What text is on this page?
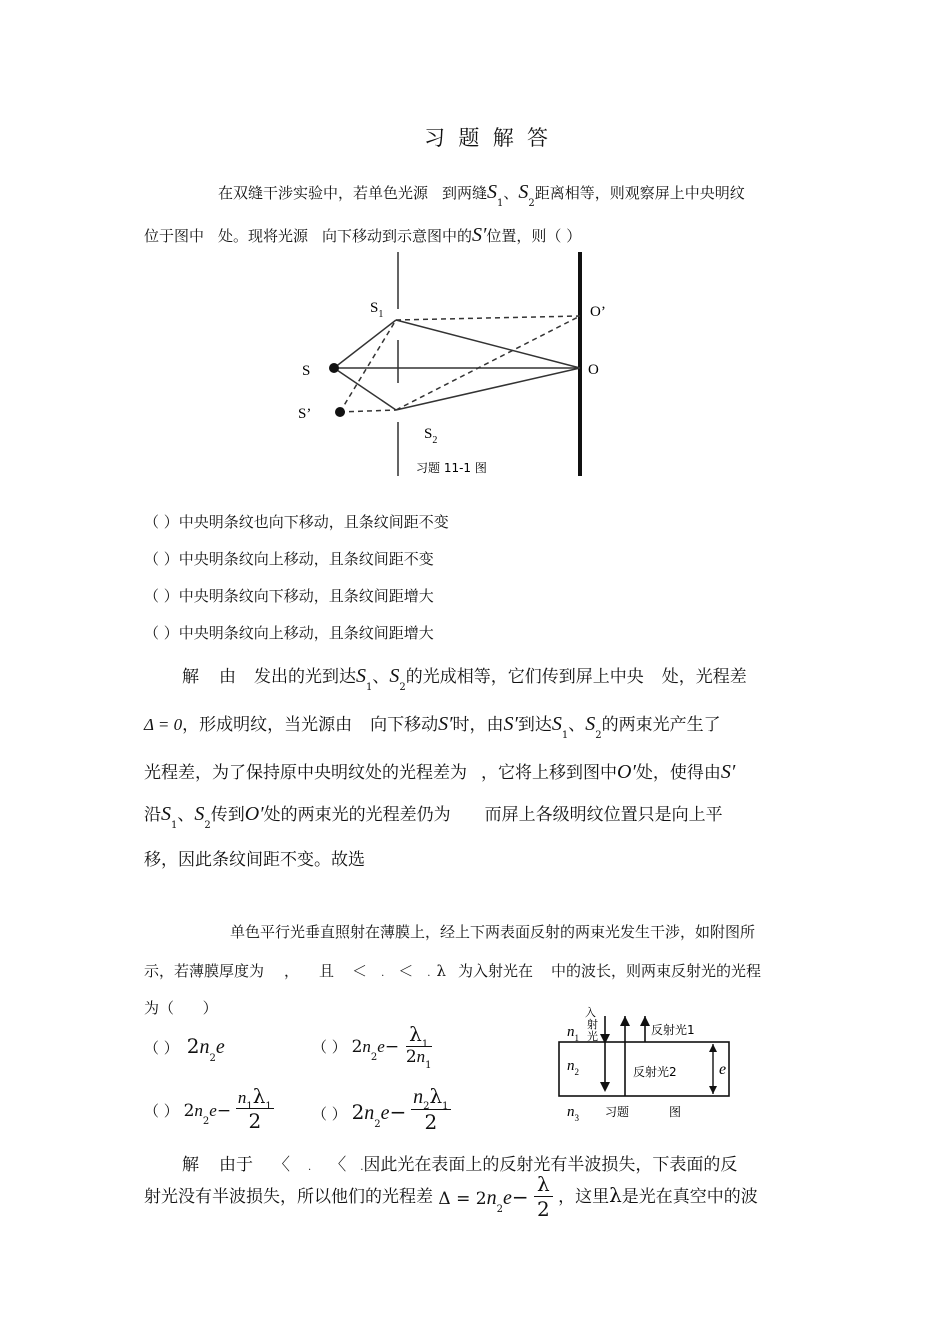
习  题  解  答
在双缝干涉实验中，若单色光源 到两缝$S_1$、$S_2$距离相等，则观察屏上中央明纹
位于图中 处。现将光源 向下移动到示意图中的S′位置，则（ ）
$S_1$
S
S’
$S_2$
O’
O
习题 11-1 图
（ ）中央明条纹也向下移动，且条纹间距不变
（ ）中央明条纹向上移动，且条纹间距不变
（ ）中央明条纹向下移动，且条纹间距增大
（ ）中央明条纹向上移动，且条纹间距增大
解 由 发出的光到达$S_1$、$S_2$的光成相等，它们传到屏上中央 处，光程差
Δ = 0，形成明纹，当光源由 向下移动S′时，由S′到达$S_1$、$S_2$的两束光产生了
光程差，为了保持原中央明纹处的光程差为 ，它将上移到图中O′处，使得由S′
沿$S_1$、$S_2$传到O′处的两束光的光程差仍为 而屏上各级明纹位置只是向上平
移，因此条纹间距不变。故选
单色平行光垂直照射在薄膜上，经上下两表面反射的两束光发生干涉，如附图所
示，若薄膜厚度为 ， 且 ＜ . ＜ . λ 为入射光在 中的波长，则两束反射光的光程
为（      ）
（ ） $2n_2e$	（ ） $2n_2e- \frac{\lambda_1}{2n_1}$
（ ） $2n_2e-$
$n_1\lambda_1$
2	（ ） $2n_2e-$
$n_2\lambda_1$
2
入射光
$n_1$
反射光1
$n_2$	反射光2	e
$n_3$ 习题	图
解 由于 〈 . 〈 .因此光在表面上的反射光有半波损失，下表面的反
射光没有半波损失，所以他们的光程差 $\Delta = 2n_2e- \frac{\lambda}{2}$ ，这里λ是光在真空中的波
